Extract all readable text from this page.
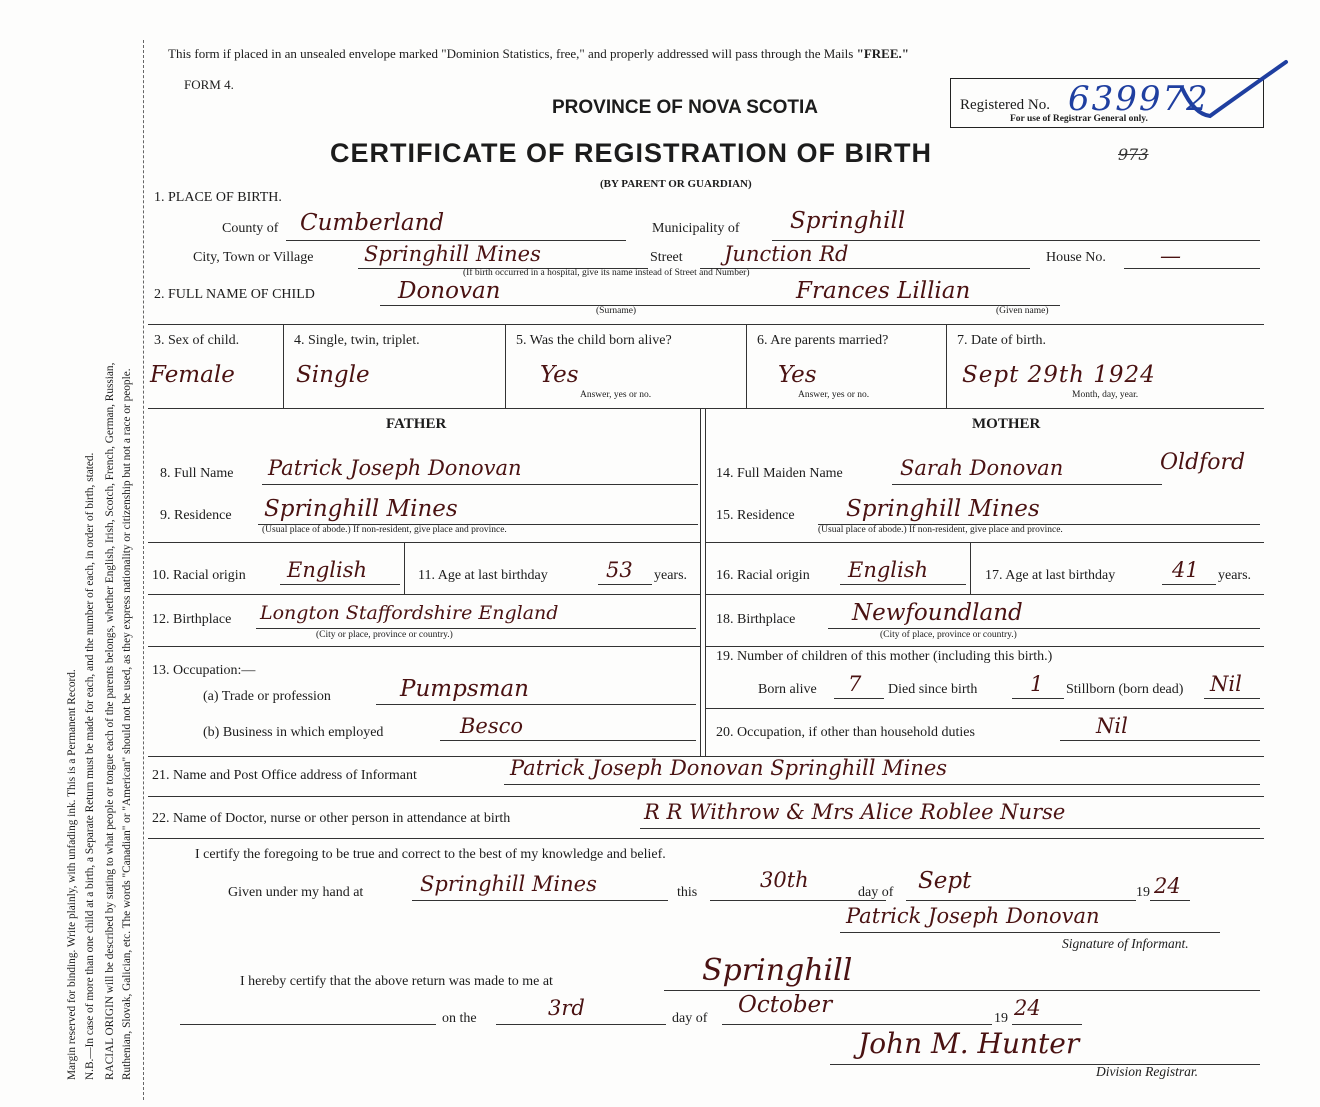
Margin reserved for binding. Write plainly, with unfading ink. This is a Permanent Record. N.B.—In case of more than one child at a birth, a Separate Return must be made for each, and the number of each, in order of birth, stated. RACIAL ORIGIN will be described by stating to what people or tongue each of the parents belongs, whether English, Irish, Scotch, French, German, Russian, Ruthenian, Slovak, Galician, etc. The words "Canadian" or "American" should not be used, as they express nationality or citizenship but not a race or people.
This form if placed in an unsealed envelope marked "Dominion Statistics, free," and properly addressed will pass through the Mails "FREE."
FORM 4.
PROVINCE OF NOVA SCOTIA
CERTIFICATE OF REGISTRATION OF BIRTH
(BY PARENT OR GUARDIAN)
973
Registered No. 639972
For use of Registrar General only.
1. PLACE OF BIRTH.
County of Cumberland	Municipality of Springhill
City, Town or Village Springhill Mines	Street Junction Rd
(If birth occurred in a hospital, give its name instead of Street and Number)
House No.	—
2. FULL NAME OF CHILD	Donovan	Frances Lillian
(Surname)	(Given name)
3. Sex of child.
Female
4. Single, twin, triplet.
Single
5. Was the child born alive?
Yes
Answer, yes or no.
6. Are parents married?
Yes
Answer, yes or no.
7. Date of birth.
Sept 29th 1924
Month, day, year.
FATHER	MOTHER
8. Full Name Patrick Joseph Donovan
9. Residence Springhill Mines
(Usual place of abode.) If non-resident, give place and province.
10. Racial origin English	11. Age at last birthday	53 years.
12. Birthplace Longton Staffordshire England
(City or place, province or country.)
13. Occupation:—
(a) Trade or profession	Pumpsman
(b) Business in which employed	Besco
14. Full Maiden Name	Sarah Donovan	Oldford
15. Residence Springhill Mines
(Usual place of abode.) If non-resident, give place and province.
16. Racial origin English	17. Age at last birthday	41 years.
18. Birthplace Newfoundland
(City of place, province or country.)
19. Number of children of this mother (including this birth.)
Born alive 7 Died since birth	1 Stillborn (born dead) Nil
20. Occupation, if other than household duties	Nil
21. Name and Post Office address of Informant	Patrick Joseph Donovan Springhill Mines
22. Name of Doctor, nurse or other person in attendance at birth	R R Withrow & Mrs Alice Roblee Nurse
I certify the foregoing to be true and correct to the best of my knowledge and belief.
Given under my hand at	Springhill Mines	this
30th
day of Sept	19 24
Patrick Joseph Donovan
Signature of Informant.
I hereby certify that the above return was made to me at	Springhill
on the	3rd	day of
October
19 24
John M. Hunter
Division Registrar.
